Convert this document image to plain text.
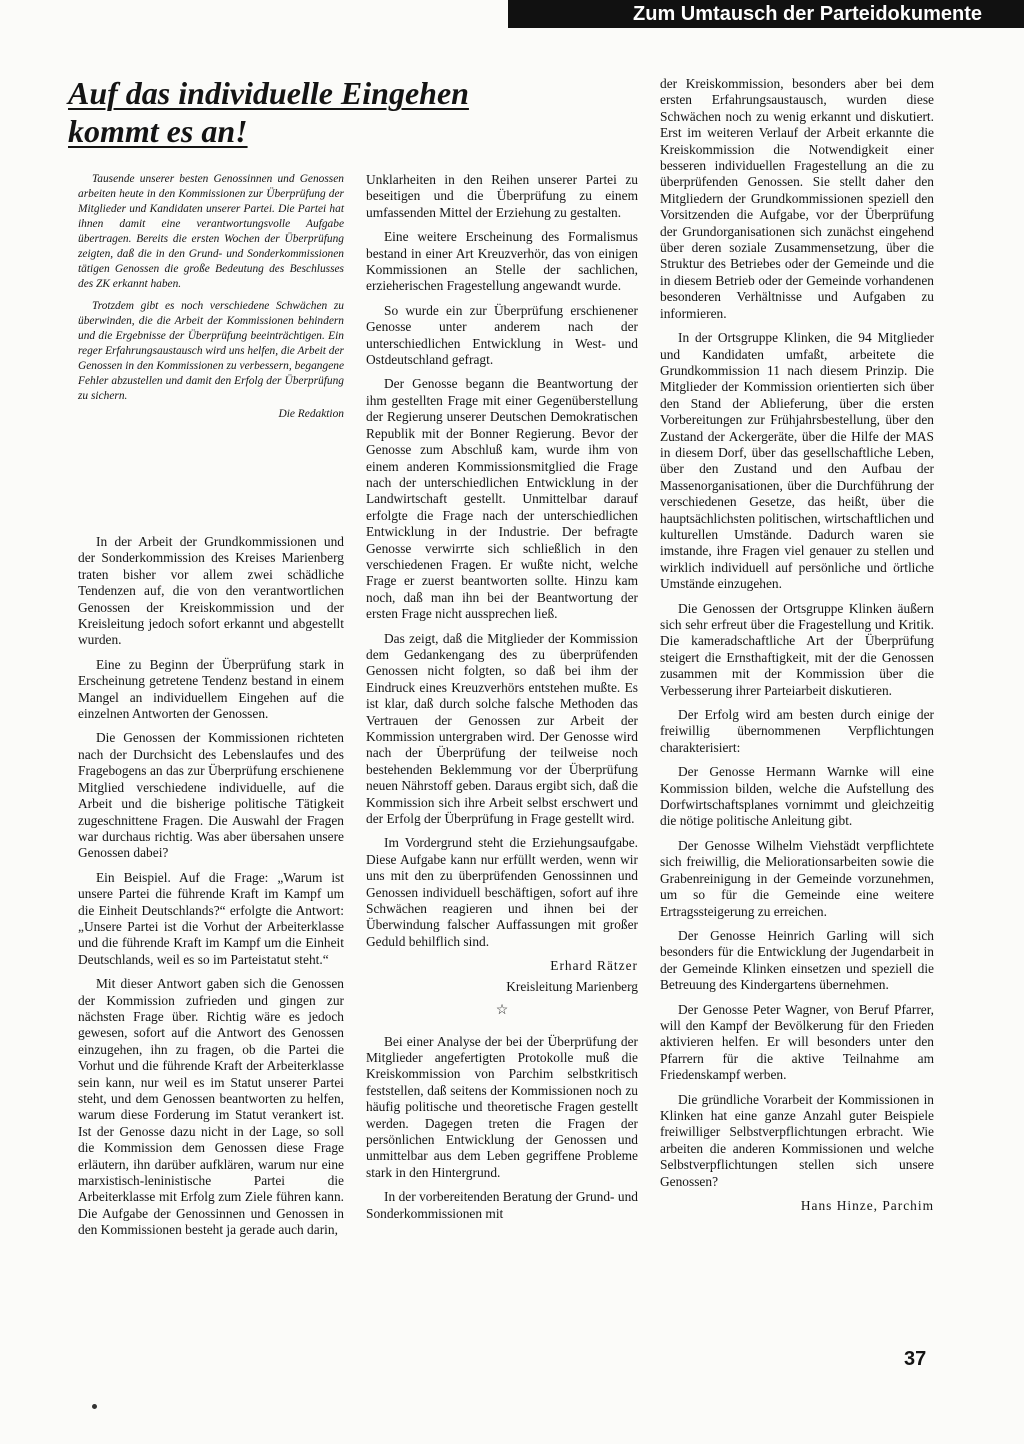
Zum Umtausch der Parteidokumente
Auf das individuelle Eingehen
kommt es an!

Tausende unserer besten Genossinnen und Genossen arbeiten heute in den Kommissionen zur Überprüfung der Mitglieder und Kandidaten unserer Partei. Die Partei hat ihnen damit eine verantwortungsvolle Aufgabe übertragen. Bereits die ersten Wochen der Überprüfung zeigten, daß die in den Grund- und Sonderkommissionen tätigen Genossen die große Bedeutung des Beschlusses des ZK erkannt haben.

Trotzdem gibt es noch verschiedene Schwächen zu überwinden, die die Arbeit der Kommissionen behindern und die Ergebnisse der Überprüfung beeinträchtigen. Ein reger Erfahrungsaustausch wird uns helfen, die Arbeit der Genossen in den Kommissionen zu verbessern, begangene Fehler abzustellen und damit den Erfolg der Überprüfung zu sichern.

Die Redaktion

In der Arbeit der Grundkommissionen und der Sonderkommission des Kreises Marienberg traten bisher vor allem zwei schädliche Tendenzen auf, die von den verantwortlichen Genossen der Kreiskommission und der Kreisleitung jedoch sofort erkannt und abgestellt wurden.

Eine zu Beginn der Überprüfung stark in Erscheinung getretene Tendenz bestand in einem Mangel an individuellem Eingehen auf die einzelnen Antworten der Genossen.

Die Genossen der Kommissionen richteten nach der Durchsicht des Lebenslaufes und des Fragebogens an das zur Überprüfung erschienene Mitglied verschiedene individuelle, auf die Arbeit und die bisherige politische Tätigkeit zugeschnittene Fragen. Die Auswahl der Fragen war durchaus richtig. Was aber übersahen unsere Genossen dabei?

Ein Beispiel. Auf die Frage: „Warum ist unsere Partei die führende Kraft im Kampf um die Einheit Deutschlands?“ erfolgte die Antwort: „Unsere Partei ist die Vorhut der Arbeiterklasse und die führende Kraft im Kampf um die Einheit Deutschlands, weil es so im Parteistatut steht.“

Mit dieser Antwort gaben sich die Genossen der Kommission zufrieden und gingen zur nächsten Frage über. Richtig wäre es jedoch gewesen, sofort auf die Antwort des Genossen einzugehen, ihn zu fragen, ob die Partei die Vorhut und die führende Kraft der Arbeiterklasse sein kann, nur weil es im Statut unserer Partei steht, und dem Genossen beantworten zu helfen, warum diese Forderung im Statut verankert ist. Ist der Genosse dazu nicht in der Lage, so soll die Kommission dem Genossen diese Frage erläutern, ihn darüber aufklären, warum nur eine marxistisch-leninistische Partei die Arbeiterklasse mit Erfolg zum Ziele führen kann. Die Aufgabe der Genossinnen und Genossen in den Kommissionen besteht ja gerade auch darin,

Unklarheiten in den Reihen unserer Partei zu beseitigen und die Überprüfung zu einem umfassenden Mittel der Erziehung zu gestalten.

Eine weitere Erscheinung des Formalismus bestand in einer Art Kreuzverhör, das von einigen Kommissionen an Stelle der sachlichen, erzieherischen Fragestellung angewandt wurde.

So wurde ein zur Überprüfung erschienener Genosse unter anderem nach der unterschiedlichen Entwicklung in West- und Ostdeutschland gefragt.

Der Genosse begann die Beantwortung der ihm gestellten Frage mit einer Gegenüberstellung der Regierung unserer Deutschen Demokratischen Republik mit der Bonner Regierung. Bevor der Genosse zum Abschluß kam, wurde ihm von einem anderen Kommissionsmitglied die Frage nach der unterschiedlichen Entwicklung in der Landwirtschaft gestellt. Unmittelbar darauf erfolgte die Frage nach der unterschiedlichen Entwicklung in der Industrie. Der befragte Genosse verwirrte sich schließlich in den verschiedenen Fragen. Er wußte nicht, welche Frage er zuerst beantworten sollte. Hinzu kam noch, daß man ihn bei der Beantwortung der ersten Frage nicht aussprechen ließ.

Das zeigt, daß die Mitglieder der Kommission dem Gedankengang des zu überprüfenden Genossen nicht folgten, so daß bei ihm der Eindruck eines Kreuzverhörs entstehen mußte. Es ist klar, daß durch solche falsche Methoden das Vertrauen der Genossen zur Arbeit der Kommission untergraben wird. Der Genosse wird nach der Überprüfung der teilweise noch bestehenden Beklemmung vor der Überprüfung neuen Nährstoff geben. Daraus ergibt sich, daß die Kommission sich ihre Arbeit selbst erschwert und der Erfolg der Überprüfung in Frage gestellt wird.

Im Vordergrund steht die Erziehungsaufgabe. Diese Aufgabe kann nur erfüllt werden, wenn wir uns mit den zu überprüfenden Genossinnen und Genossen individuell beschäftigen, sofort auf ihre Schwächen reagieren und ihnen bei der Überwindung falscher Auffassungen mit großer Geduld behilflich sind.

Erhard Rätzer

Kreisleitung Marienberg

☆

Bei einer Analyse der bei der Überprüfung der Mitglieder angefertigten Protokolle muß die Kreiskommission von Parchim selbstkritisch feststellen, daß seitens der Kommissionen noch zu häufig politische und theoretische Fragen gestellt werden. Dagegen treten die Fragen der persönlichen Entwicklung der Genossen und unmittelbar aus dem Leben gegriffene Probleme stark in den Hintergrund.

In der vorbereitenden Beratung der Grund- und Sonderkommissionen mit

der Kreiskommission, besonders aber bei dem ersten Erfahrungsaustausch, wurden diese Schwächen noch zu wenig erkannt und diskutiert. Erst im weiteren Verlauf der Arbeit erkannte die Kreiskommission die Notwendigkeit einer besseren individuellen Fragestellung an die zu überprüfenden Genossen. Sie stellt daher den Mitgliedern der Grundkommissionen speziell den Vorsitzenden die Aufgabe, vor der Überprüfung der Grundorganisationen sich zunächst eingehend über deren soziale Zusammensetzung, über die Struktur des Betriebes oder der Gemeinde und die in diesem Betrieb oder der Gemeinde vorhandenen besonderen Verhältnisse und Aufgaben zu informieren.

In der Ortsgruppe Klinken, die 94 Mitglieder und Kandidaten umfaßt, arbeitete die Grundkommission 11 nach diesem Prinzip. Die Mitglieder der Kommission orientierten sich über den Stand der Ablieferung, über die ersten Vorbereitungen zur Frühjahrsbestellung, über den Zustand der Ackergeräte, über die Hilfe der MAS in diesem Dorf, über das gesellschaftliche Leben, über den Zustand und den Aufbau der Massenorganisationen, über die Durchführung der verschiedenen Gesetze, das heißt, über die hauptsächlichsten politischen, wirtschaftlichen und kulturellen Umstände. Dadurch waren sie imstande, ihre Fragen viel genauer zu stellen und wirklich individuell auf persönliche und örtliche Umstände einzugehen.

Die Genossen der Ortsgruppe Klinken äußern sich sehr erfreut über die Fragestellung und Kritik. Die kameradschaftliche Art der Überprüfung steigert die Ernsthaftigkeit, mit der die Genossen zusammen mit der Kommission über die Verbesserung ihrer Parteiarbeit diskutieren.

Der Erfolg wird am besten durch einige der freiwillig übernommenen Verpflichtungen charakterisiert:

Der Genosse Hermann Warnke will eine Kommission bilden, welche die Aufstellung des Dorfwirtschaftsplanes vornimmt und gleichzeitig die nötige politische Anleitung gibt.

Der Genosse Wilhelm Viehstädt verpflichtete sich freiwillig, die Meliorationsarbeiten sowie die Grabenreinigung in der Gemeinde vorzunehmen, um so für die Gemeinde eine weitere Ertragssteigerung zu erreichen.

Der Genosse Heinrich Garling will sich besonders für die Entwicklung der Jugendarbeit in der Gemeinde Klinken einsetzen und speziell die Betreuung des Kindergartens übernehmen.

Der Genosse Peter Wagner, von Beruf Pfarrer, will den Kampf der Bevölkerung für den Frieden aktivieren helfen. Er will besonders unter den Pfarrern für die aktive Teilnahme am Friedenskampf werben.

Die gründliche Vorarbeit der Kommissionen in Klinken hat eine ganze Anzahl guter Beispiele freiwilliger Selbstverpflichtungen erbracht. Wie arbeiten die anderen Kommissionen und welche Selbstverpflichtungen stellen sich unsere Genossen?

Hans Hinze, Parchim

37
